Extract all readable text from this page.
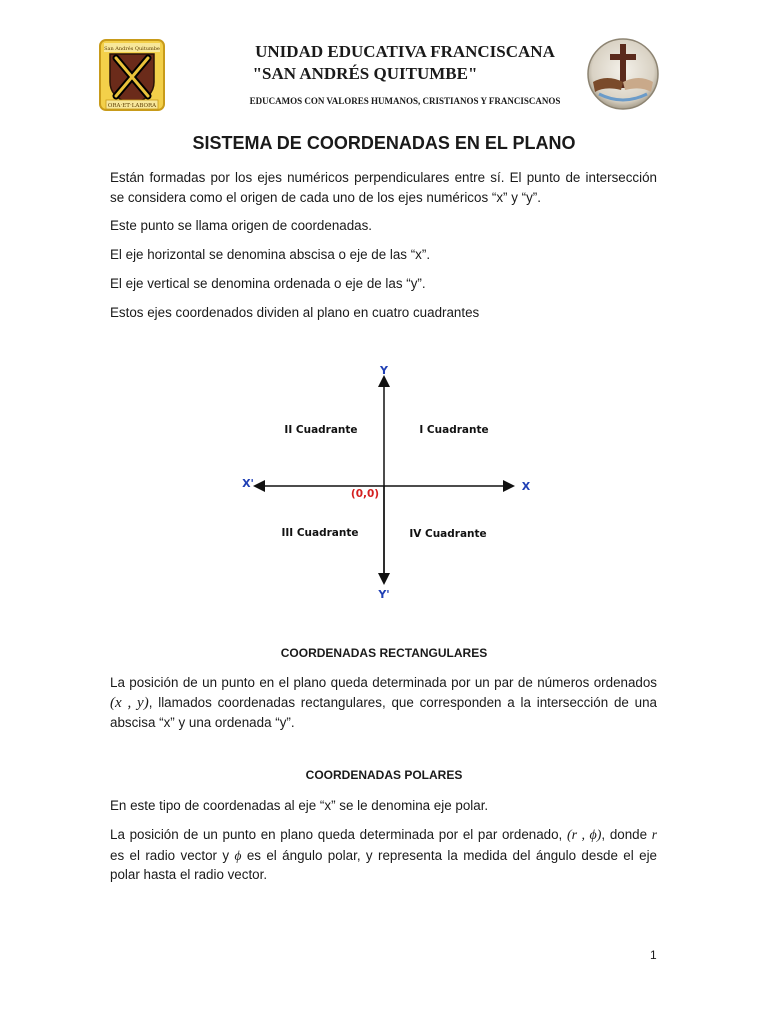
San Andrés Quitumbe
ORA·ET·LABORA
UNIDAD EDUCATIVA FRANCISCANA
"SAN ANDRÉS QUITUMBE"
EDUCAMOS CON VALORES HUMANOS, CRISTIANOS Y FRANCISCANOS
SISTEMA DE COORDENADAS EN EL PLANO
Están formadas por los ejes numéricos perpendiculares entre sí. El punto de intersección se considera como el origen de cada uno de los ejes numéricos “x” y “y”.
Este punto se llama origen de coordenadas.
El eje horizontal se denomina abscisa o eje de las “x”.
El eje vertical se denomina ordenada o eje de las “y”.
Estos ejes coordenados dividen al plano en cuatro cuadrantes
Y
Y'
X
X'
(0,0)
II Cuadrante	I Cuadrante
III Cuadrante	IV Cuadrante
COORDENADAS RECTANGULARES
La posición de un punto en el plano queda determinada por un par de números ordenados (x , y), llamados coordenadas rectangulares, que corresponden a la intersección de una abscisa “x” y una ordenada “y”.
COORDENADAS POLARES
En este tipo de coordenadas al eje “x” se le denomina eje polar.
La posición de un punto en plano queda determinada por el par ordenado, (r , ϕ), donde r es el radio vector y ϕ es el ángulo polar, y representa la medida del ángulo desde el eje polar hasta el radio vector.
1
